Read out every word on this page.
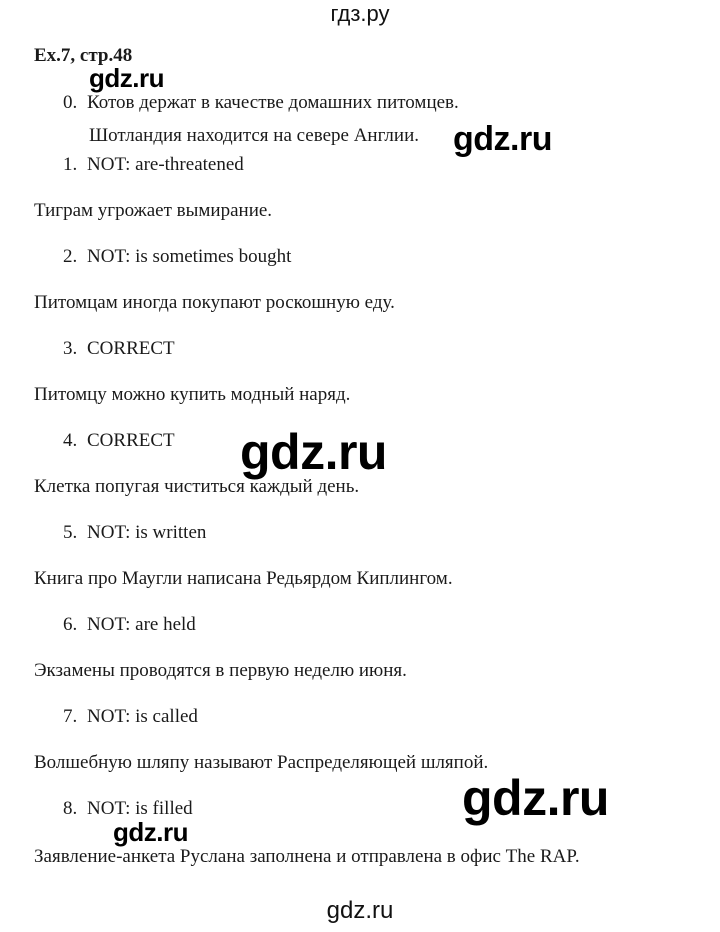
гдз.ру
Ex.7, стр.48
0. Котов держат в качестве домашних питомцев.
Шотландия находится на севере Англии.
1. NOT: are-threatened
Тиграм угрожает вымирание.
2. NOT: is sometimes bought
Питомцам иногда покупают роскошную еду.
3. CORRECT
Питомцу можно купить модный наряд.
4. CORRECT
Клетка попугая чиститься каждый день.
5. NOT: is written
Книга про Маугли написана Редьярдом Киплингом.
6. NOT: are held
Экзамены проводятся в первую неделю июня.
7. NOT: is called
Волшебную шляпу называют Распределяющей шляпой.
8. NOT: is filled
Заявление-анкета Руслана заполнена и отправлена в офис The RAP.
gdz.ru
gdz.ru
gdz.ru
gdz.ru
gdz.ru
gdz.ru
